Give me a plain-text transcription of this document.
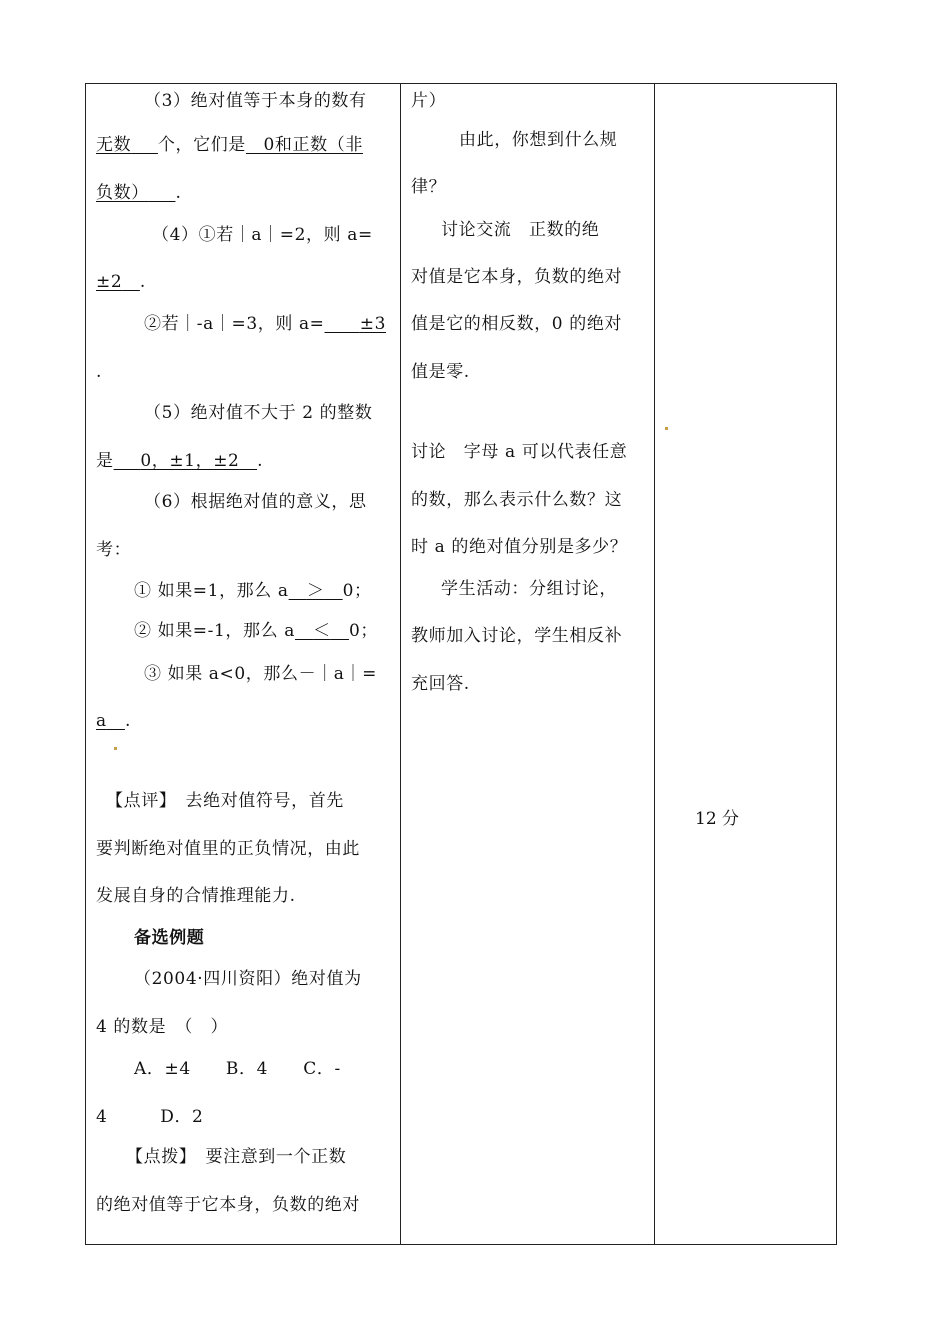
（3）绝对值等于本身的数有
无数   个，它们是  0和正数（非
负数）   .
（4）①若｜a｜=2，则 a=
±2  .
②若｜-a｜=3，则 a=   ±3
.
（5）绝对值不大于 2 的整数
是   0，±1，±2  .
（6）根据绝对值的意义，思
考：
① 如果=1，那么 a   ＞   0；
② 如果=-1，那么 a   ＜   0；
③ 如果 a<0，那么－｜a｜=
a   .
【点评】　去绝对值符号，首先
要判断绝对值里的正负情况，由此
发展自身的合情推理能力.
备选例题
（2004·四川资阳）绝对值为
4 的数是　（　）
A．±4　　B．4　　C．-
4　　　D．2
【点拨】　要注意到一个正数
的绝对值等于它本身，负数的绝对
片）
由此，你想到什么规
律？
讨论交流　正数的绝
对值是它本身，负数的绝对
值是它的相反数，0 的绝对
值是零.
讨论　字母 a 可以代表任意
的数，那么表示什么数？这
时 a 的绝对值分别是多少？
学生活动：分组讨论，
教师加入讨论，学生相反补
充回答.
12 分
